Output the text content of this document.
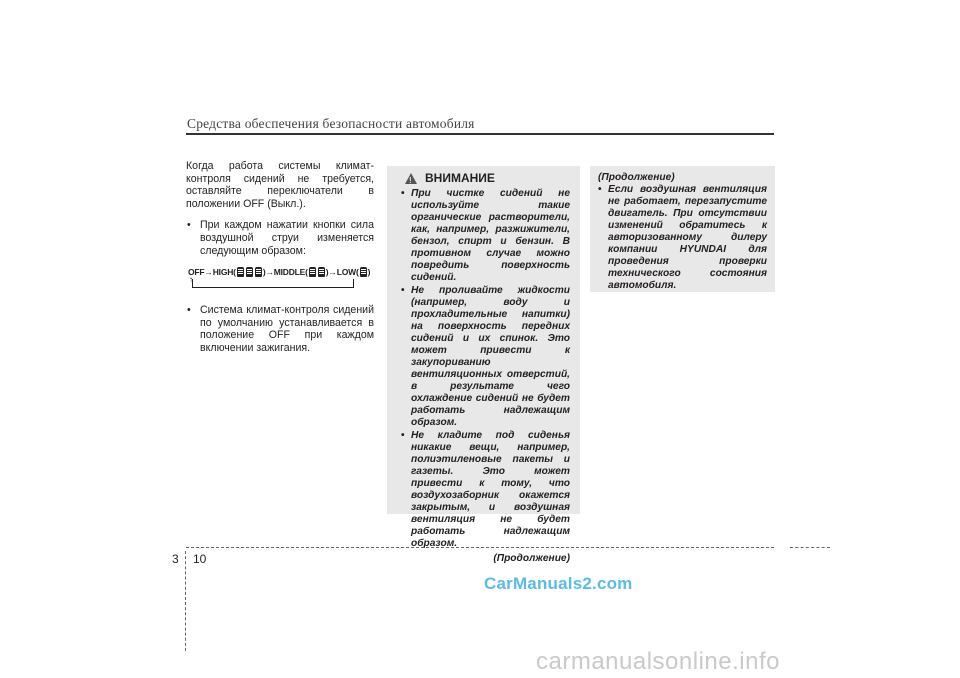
Средства обеспечения безопасности автомобиля

Когда работа системы климат-контроля сидений не требуется, оставляйте переключатели в положении OFF (Выкл.).

• При каждом нажатии кнопки сила воздушной струи изменяется следующим образом:
OFF → HIGH(	) → MIDDLE( ) → LOW( )
↑
• Система климат-контроля сидений по умолчанию устанавливается в положение OFF при каждом включении зажигания.
!
ВНИМАНИЕ
• При чистке сидений не используйте такие органические растворители, как, например, разжижители, бензол, спирт и бензин. В противном случае можно повредить поверхность сидений.
• Не проливайте жидкости (например, воду и прохладительные напитки) на поверхность передних сидений и их спинок. Это может привести к закупориванию вентиляционных отверстий, в результате чего охлаждение сидений не будет работать надлежащим образом.
• Не кладите под сиденья никакие вещи, например, полиэтиленовые пакеты и газеты. Это может привести к тому, что воздухозаборник окажется закрытым, и воздушная вентиляция не будет работать надлежащим образом.
(Продолжение)
(Продолжение)
• Если воздушная вентиляция не работает, перезапустите двигатель. При отсутствии изменений обратитесь к авторизованному дилеру компании HYUNDAI для проведения проверки технического состояния автомобиля.
3 10
CarManuals2.com
carmanualsonline.info
